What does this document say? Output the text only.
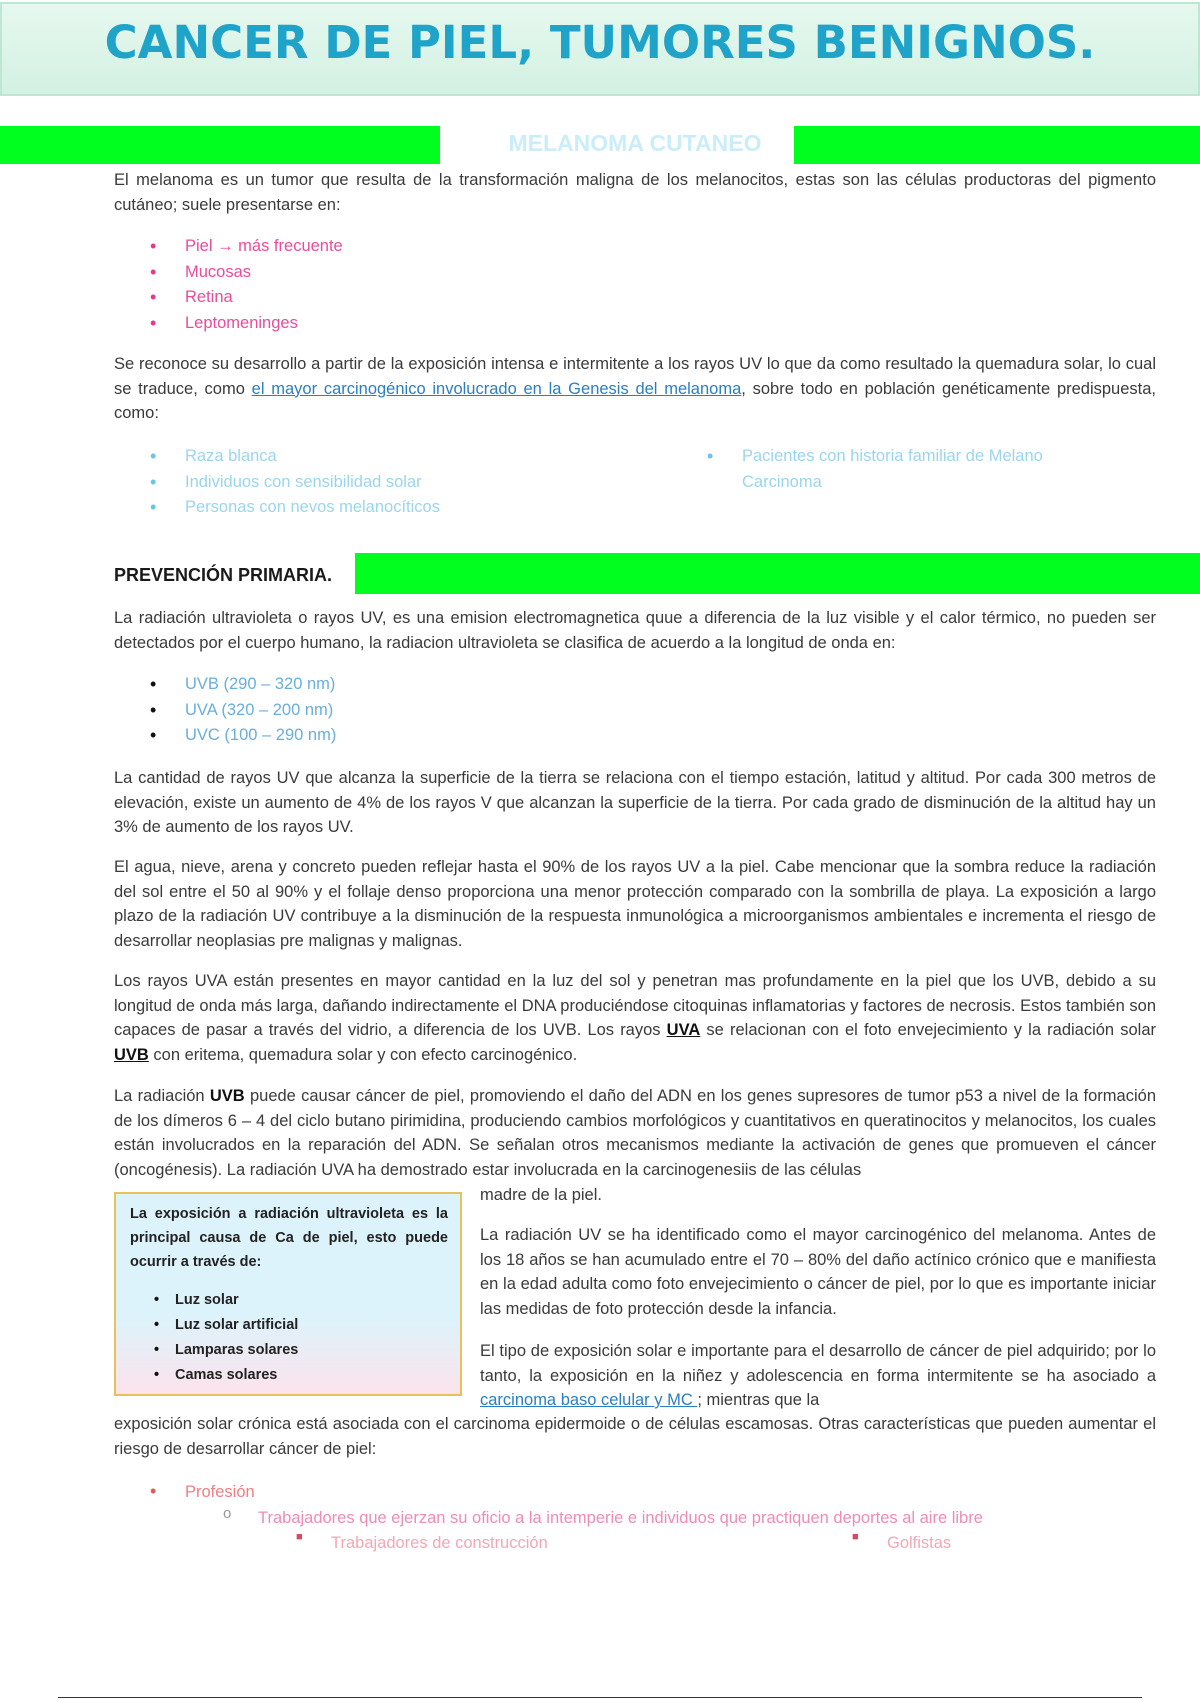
CANCER DE PIEL, TUMORES BENIGNOS.
MELANOMA CUTANEO

El melanoma es un tumor que resulta de la transformación maligna de los melanocitos, estas son las células productoras del pigmento cutáneo; suele presentarse en:

• Piel → más frecuente
• Mucosas
• Retina
• Leptomeninges

Se reconoce su desarrollo a partir de la exposición intensa e intermitente a los rayos UV lo que da como resultado la quemadura solar, lo cual se traduce, como el mayor carcinogénico involucrado en la Genesis del melanoma, sobre todo en población genéticamente predispuesta, como:

• Raza blanca
• Individuos con sensibilidad solar
• Personas con nevos melanocíticos
• Pacientes con historia familiar de Melano Carcinoma
PREVENCIÓN PRIMARIA.

La radiación ultravioleta o rayos UV, es una emision electromagnetica quue a diferencia de la luz visible y el calor térmico, no pueden ser detectados por el cuerpo humano, la radiacion ultravioleta se clasifica de acuerdo a la longitud de onda en:

• UVB (290 – 320 nm)
• UVA (320 – 200 nm)
• UVC (100 – 290 nm)

La cantidad de rayos UV que alcanza la superficie de la tierra se relaciona con el tiempo estación, latitud y altitud. Por cada 300 metros de elevación, existe un aumento de 4% de los rayos V que alcanzan la superficie de la tierra. Por cada grado de disminución de la altitud hay un 3% de aumento de los rayos UV.

El agua, nieve, arena y concreto pueden reflejar hasta el 90% de los rayos UV a la piel. Cabe mencionar que la sombra reduce la radiación del sol entre el 50 al 90% y el follaje denso proporciona una menor protección comparado con la sombrilla de playa. La exposición a largo plazo de la radiación UV contribuye a la disminución de la respuesta inmunológica a microorganismos ambientales e incrementa el riesgo de desarrollar neoplasias pre malignas y malignas.

Los rayos UVA están presentes en mayor cantidad en la luz del sol y penetran mas profundamente en la piel que los UVB, debido a su longitud de onda más larga, dañando indirectamente el DNA produciéndose citoquinas inflamatorias y factores de necrosis. Estos también son capaces de pasar a través del vidrio, a diferencia de los UVB. Los rayos UVA se relacionan con el foto envejecimiento y la radiación solar UVB con eritema, quemadura solar y con efecto carcinogénico.

La radiación UVB puede causar cáncer de piel, promoviendo el daño del ADN en los genes supresores de tumor p53 a nivel de la formación de los dímeros 6 – 4 del ciclo butano pirimidina, produciendo cambios morfológicos y cuantitativos en queratinocitos y melanocitos, los cuales están involucrados en la reparación del ADN. Se señalan otros mecanismos mediante la activación de genes que promueven el cáncer (oncogénesis). La radiación UVA ha demostrado estar involucrada en la carcinogenesiis de las células

madre de la piel.

La exposición a radiación ultravioleta es la principal causa de Ca de piel, esto puede ocurrir a través de:

• Luz solar
• Luz solar artificial
• Lamparas solares
• Camas solares

La radiación UV se ha identificado como el mayor carcinogénico del melanoma. Antes de los 18 años se han acumulado entre el 70 – 80% del daño actínico crónico que e manifiesta en la edad adulta como foto envejecimiento o cáncer de piel, por lo que es importante iniciar las medidas de foto protección desde la infancia.

El tipo de exposición solar e importante para el desarrollo de cáncer de piel adquirido; por lo tanto, la exposición en la niñez y adolescencia en forma intermitente se ha asociado a carcinoma baso celular y MC ; mientras que la

exposición solar crónica está asociada con el carcinoma epidermoide o de células escamosas. Otras características que pueden aumentar el riesgo de desarrollar cáncer de piel:

• Profesión

o Trabajadores que ejerzan su oficio a la intemperie e individuos que practiquen deportes al aire libre

■ Trabajadores de construcción	■ Golfistas
